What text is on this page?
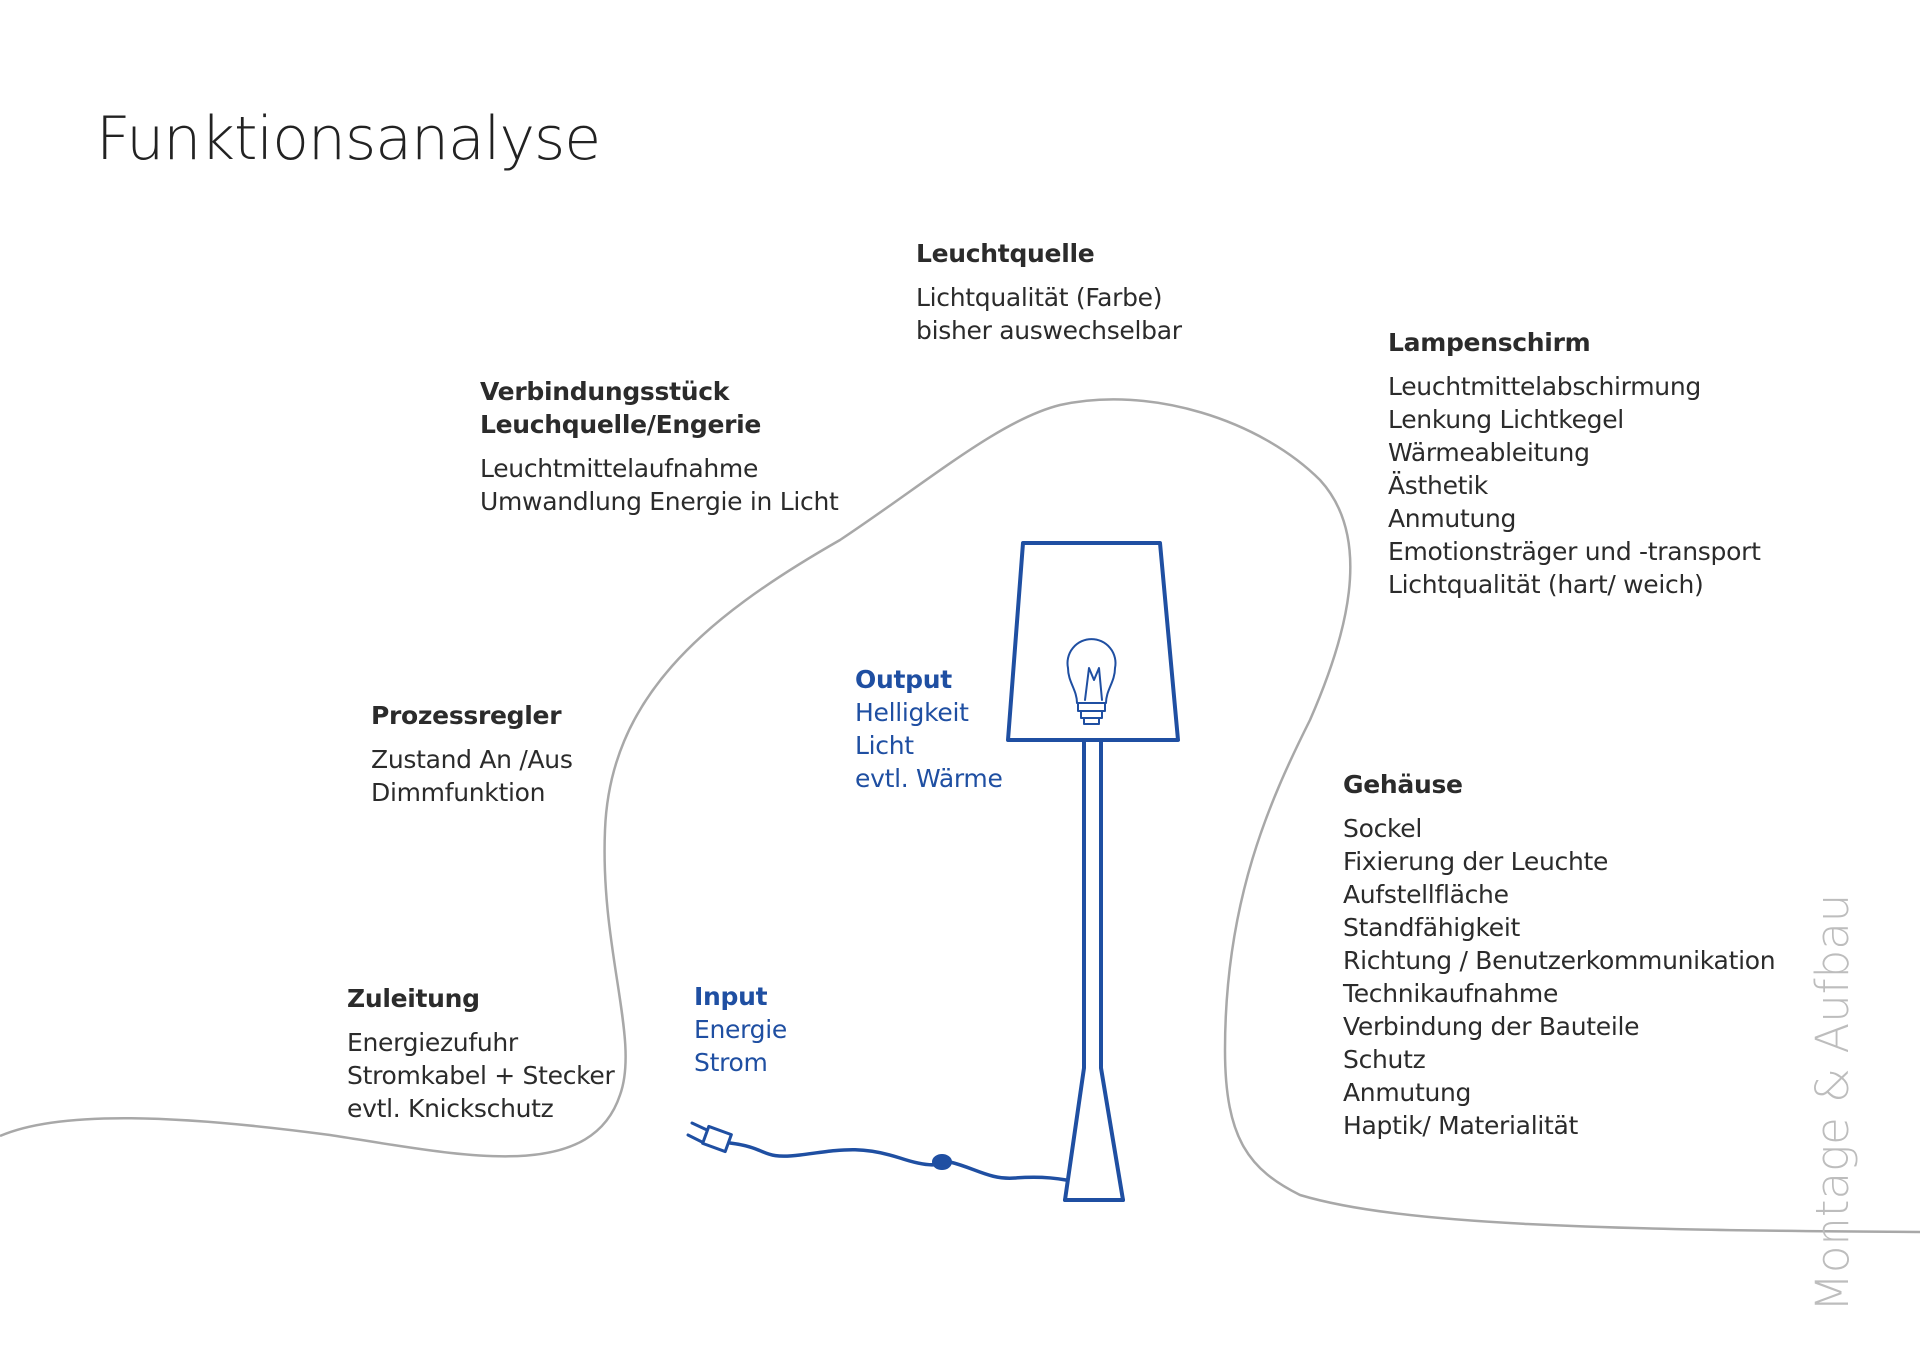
Funktionsanalyse
Leuchtquelle
Lichtqualität (Farbe)
bisher auswechselbar	Lampenschirm
Leuchtmittelabschirmung
Lenkung Lichtkegel
Wärmeableitung
Ästhetik
Anmutung
Emotionsträger und -transport
Lichtqualität (hart/ weich)
Verbindungsstück
Leuchquelle/Engerie
Leuchtmittelaufnahme
Umwandlung Energie in Licht
Prozessregler
Zustand An /Aus
Dimmfunktion
Zuleitung
Energiezufuhr
Stromkabel + Stecker
evtl. Knickschutz
Gehäuse
Sockel
Fixierung der Leuchte
Aufstellfläche
Standfähigkeit
Richtung / Benutzerkommunikation
Technikaufnahme
Verbindung der Bauteile
Schutz
Anmutung
Haptik/ Materialität
Output
Helligkeit
Licht
evtl. Wärme
Input
Energie
Strom	Montage & Aufbau
